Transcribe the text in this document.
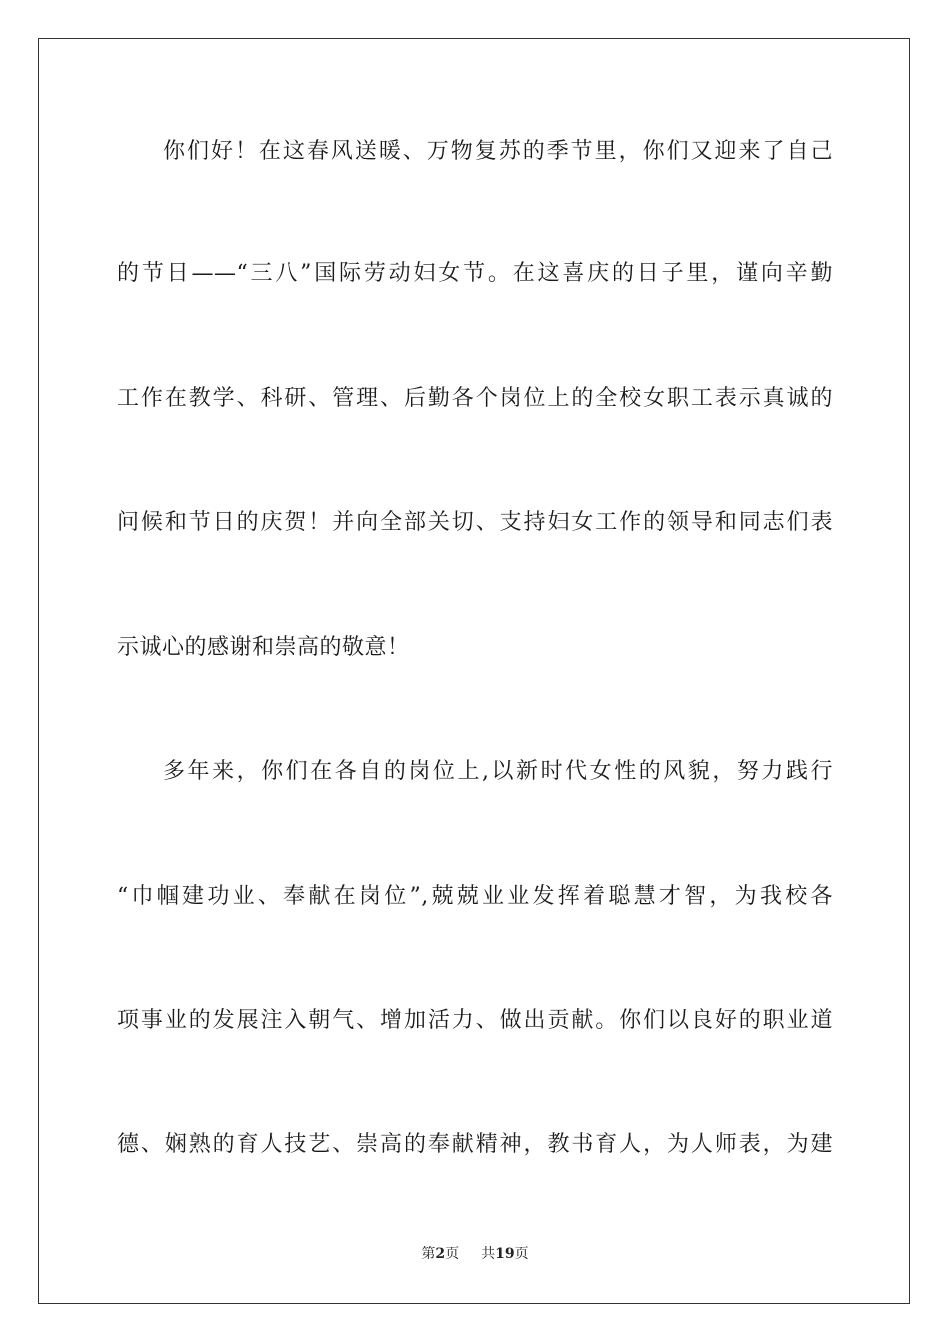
你们好！在这春风送暖、万物复苏的季节里，你们又迎来了自己
的节日——“三八”国际劳动妇女节。在这喜庆的日子里，谨向辛勤
工作在教学、科研、管理、后勤各个岗位上的全校女职工表示真诚的
问候和节日的庆贺！并向全部关切、支持妇女工作的领导和同志们表
示诚心的感谢和崇高的敬意！
多年来，你们在各自的岗位上,以新时代女性的风貌，努力践行
“巾帼建功业、奉献在岗位”,兢兢业业发挥着聪慧才智，为我校各
项事业的发展注入朝气、增加活力、做出贡献。你们以良好的职业道
德、娴熟的育人技艺、崇高的奉献精神，教书育人，为人师表，为建
第2页 共19页
